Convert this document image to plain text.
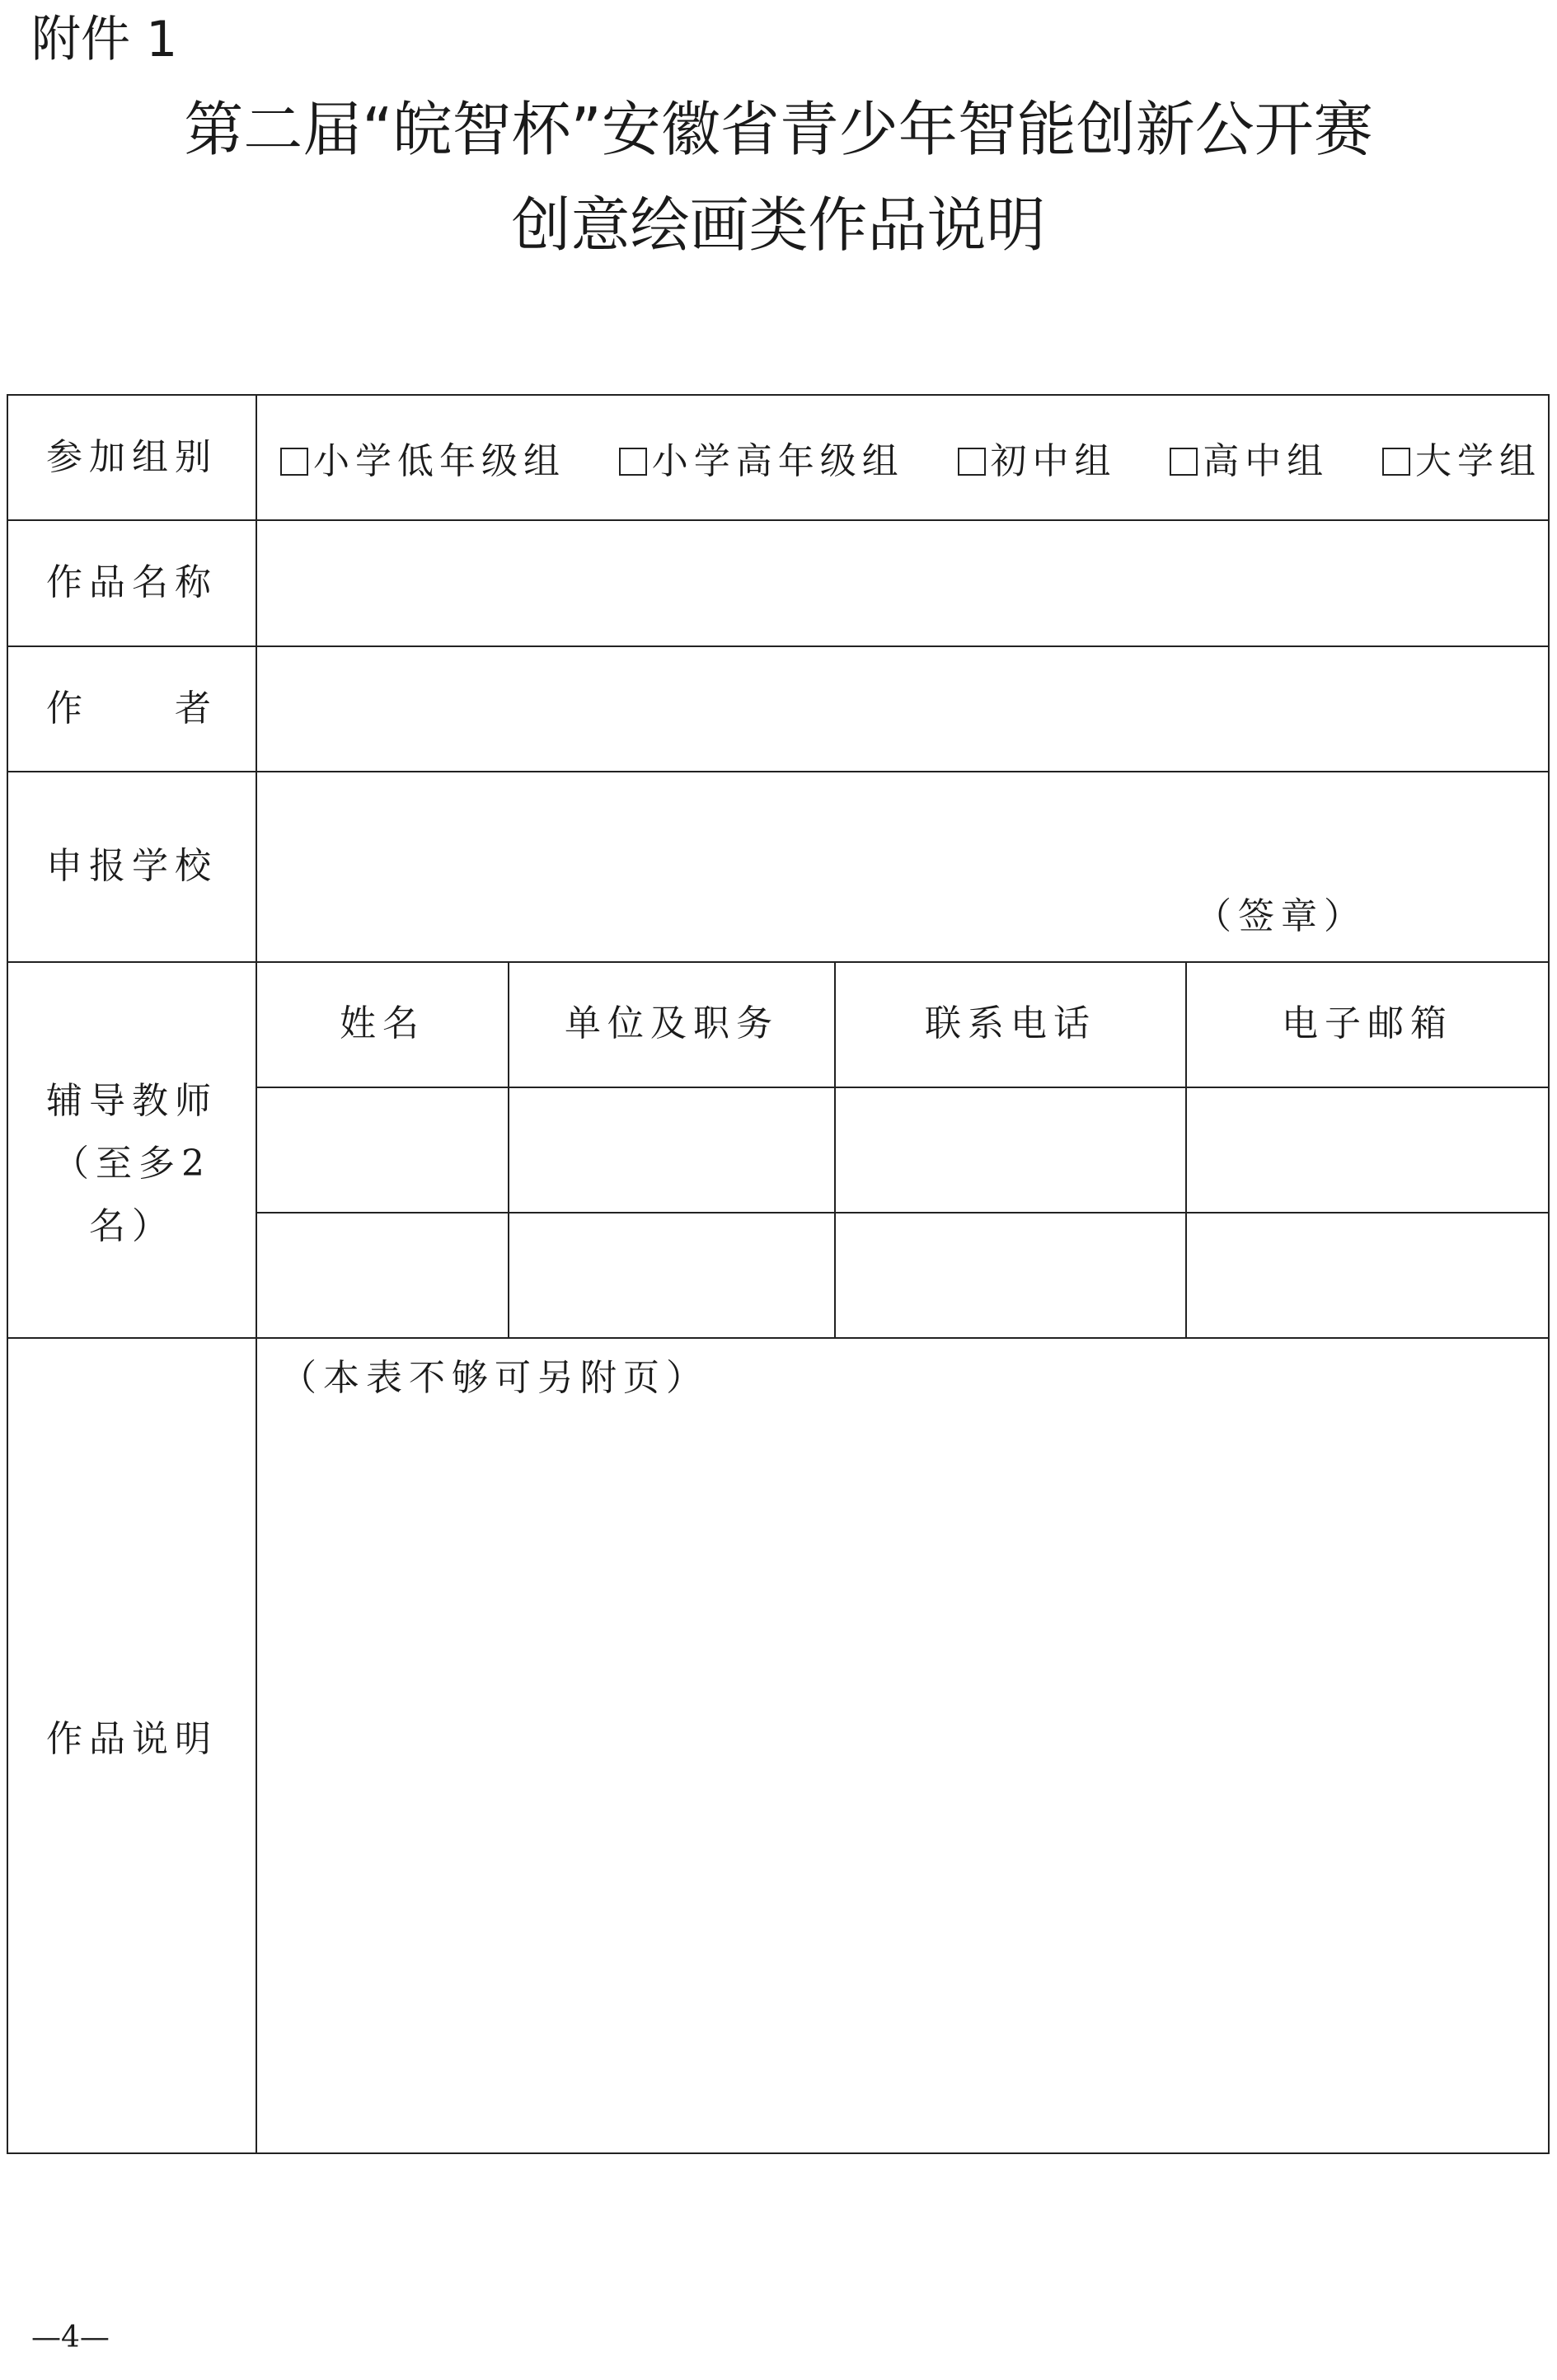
附件 1
第二届“皖智杯”安徽省青少年智能创新公开赛
创意绘画类作品说明
参加组别	小学低年级组 小学高年级组 初中组 高中组 大学组
作品名称
作　　者
申报学校
（签章）
辅导教师（至多2名）
姓名	单位及职务	联系电话	电子邮箱
作品说明
（本表不够可另附页）
—4—
